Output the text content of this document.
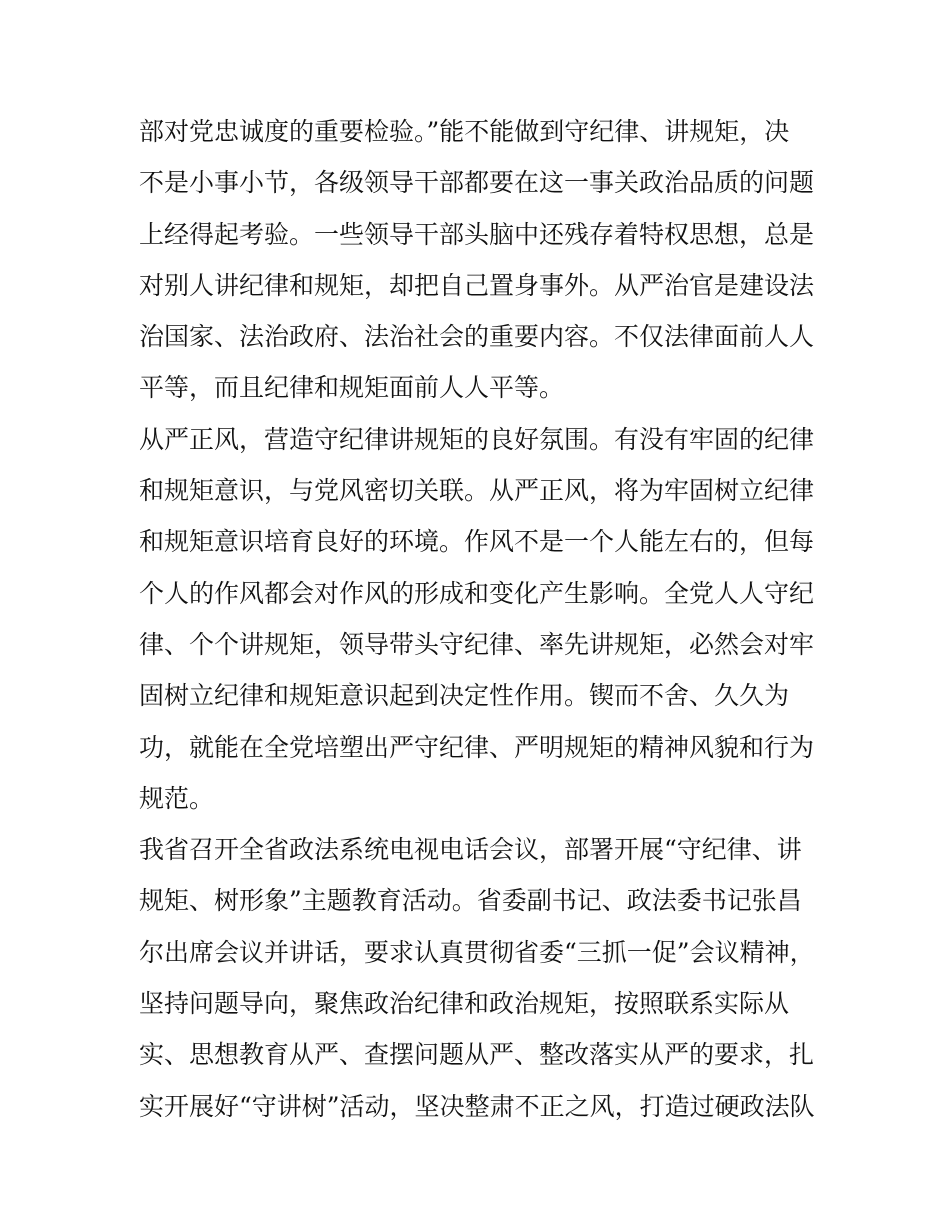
部对党忠诚度的重要检验。”能不能做到守纪律、讲规矩，决
不是小事小节，各级领导干部都要在这一事关政治品质的问题
上经得起考验。一些领导干部头脑中还残存着特权思想，总是
对别人讲纪律和规矩，却把自己置身事外。从严治官是建设法
治国家、法治政府、法治社会的重要内容。不仅法律面前人人
平等，而且纪律和规矩面前人人平等。
从严正风，营造守纪律讲规矩的良好氛围。有没有牢固的纪律
和规矩意识，与党风密切关联。从严正风，将为牢固树立纪律
和规矩意识培育良好的环境。作风不是一个人能左右的，但每
个人的作风都会对作风的形成和变化产生影响。全党人人守纪
律、个个讲规矩，领导带头守纪律、率先讲规矩，必然会对牢
固树立纪律和规矩意识起到决定性作用。锲而不舍、久久为
功，就能在全党培塑出严守纪律、严明规矩的精神风貌和行为
规范。
我省召开全省政法系统电视电话会议，部署开展“守纪律、讲
规矩、树形象”主题教育活动。省委副书记、政法委书记张昌
尔出席会议并讲话，要求认真贯彻省委“三抓一促”会议精神，
坚持问题导向，聚焦政治纪律和政治规矩，按照联系实际从
实、思想教育从严、查摆问题从严、整改落实从严的要求，扎
实开展好“守讲树”活动，坚决整肃不正之风，打造过硬政法队
